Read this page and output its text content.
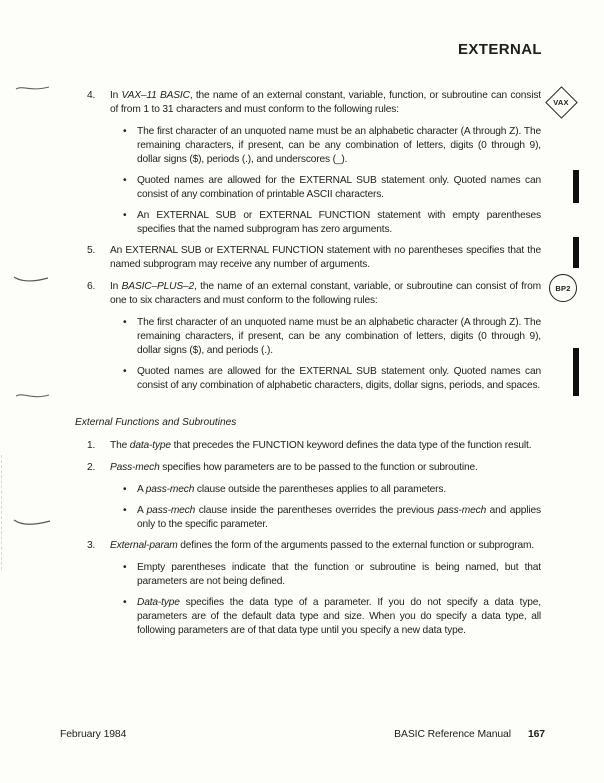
EXTERNAL
VAX
BP2
4.	In VAX–11 BASIC, the name of an external constant, variable, function, or subroutine can consist of from 1 to 31 characters and must conform to the following rules:

•	The first character of an unquoted name must be an alphabetic character (A through Z). The remaining characters, if present, can be any combination of letters, digits (0 through 9), dollar signs ($), periods (.), and underscores (_).

•	Quoted names are allowed for the EXTERNAL SUB statement only. Quoted names can consist of any combination of printable ASCII characters.

•	An EXTERNAL SUB or EXTERNAL FUNCTION statement with empty parentheses specifies that the named subprogram has zero arguments.

5.	An EXTERNAL SUB or EXTERNAL FUNCTION statement with no parentheses specifies that the named subprogram may receive any number of arguments.

6.	In BASIC–PLUS–2, the name of an external constant, variable, or subroutine can consist of from one to six characters and must conform to the following rules:

•	The first character of an unquoted name must be an alphabetic character (A through Z). The remaining characters, if present, can be any combination of letters, digits (0 through 9), dollar signs ($), and periods (.).

•	Quoted names are allowed for the EXTERNAL SUB statement only. Quoted names can consist of any combination of alphabetic characters, digits, dollar signs, periods, and spaces.

External Functions and Subroutines
1.	The data-type that precedes the FUNCTION keyword defines the data type of the function result.

2.	Pass-mech specifies how parameters are to be passed to the function or subroutine.

•	A pass-mech clause outside the parentheses applies to all parameters.

•	A pass-mech clause inside the parentheses overrides the previous pass-mech and applies only to the specific parameter.

3.	External-param defines the form of the arguments passed to the external function or subprogram.

•	Empty parentheses indicate that the function or subroutine is being named, but that parameters are not being defined.

•	Data-type specifies the data type of a parameter. If you do not specify a data type, parameters are of the default data type and size. When you do specify a data type, all following parameters are of that data type until you specify a new data type.

February 1984	BASIC Reference Manual 167
